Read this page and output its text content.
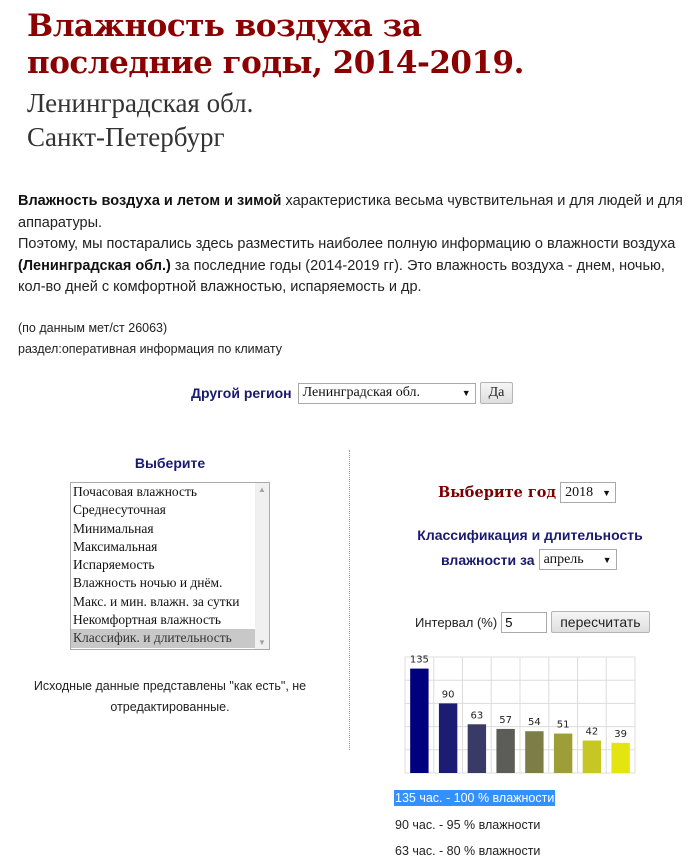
Влажность воздуха за
последние годы, 2014-2019.
Ленинградская обл.
Санкт-Петербург

Влажность воздуха и летом и зимой характеристика весьма чувствительная и для людей и для аппаратуры.
Поэтому, мы постарались здесь разместить наиболее полную информацию о влажности воздуха (Ленинградская обл.) за последние годы (2014-2019 гг). Это влажность воздуха - днем, ночью, кол-во дней с комфортной влажностью, испаряемость и др.

(по данным мет/ст 26063)

раздел:оперативная информация по климату

Другой регион Ленинградская обл.	▼	Да
Выберите
Почасовая влажность
Среднесуточная
Минимальная
Максимальная
Испаряемость
Влажность ночью и днём.
Макс. и мин. влажн. за сутки
Некомфортная влажность
Классифик. и длительность
▲
▼
Исходные данные представлены "как есть", не отредактированные.
Выберите год 2018 ▼
Классификация и длительность
влажности за апрель ▼
Интервал (%)
5	пересчитать
135
90
63 57 54 51
42 39
135 час. - 100 % влажности
90 час. - 95 % влажности
63 час. - 80 % влажности
